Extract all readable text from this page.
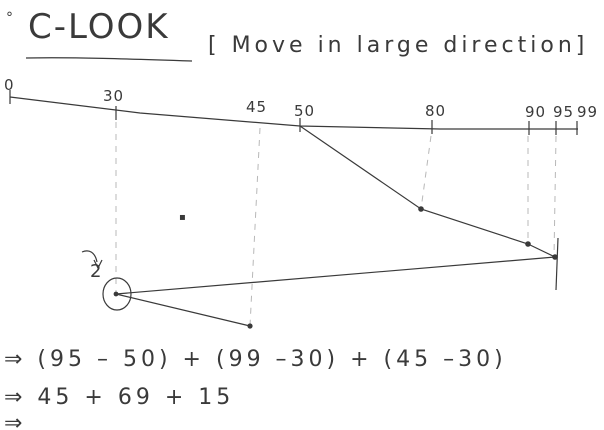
° C-LOOK [ Move in large direction]
0
30
45 50	80	90 95 99
▪
2
⇒ (95 – 50) + (99 –30) + (45 –30)
⇒ 45 + 69 + 15
⇒
